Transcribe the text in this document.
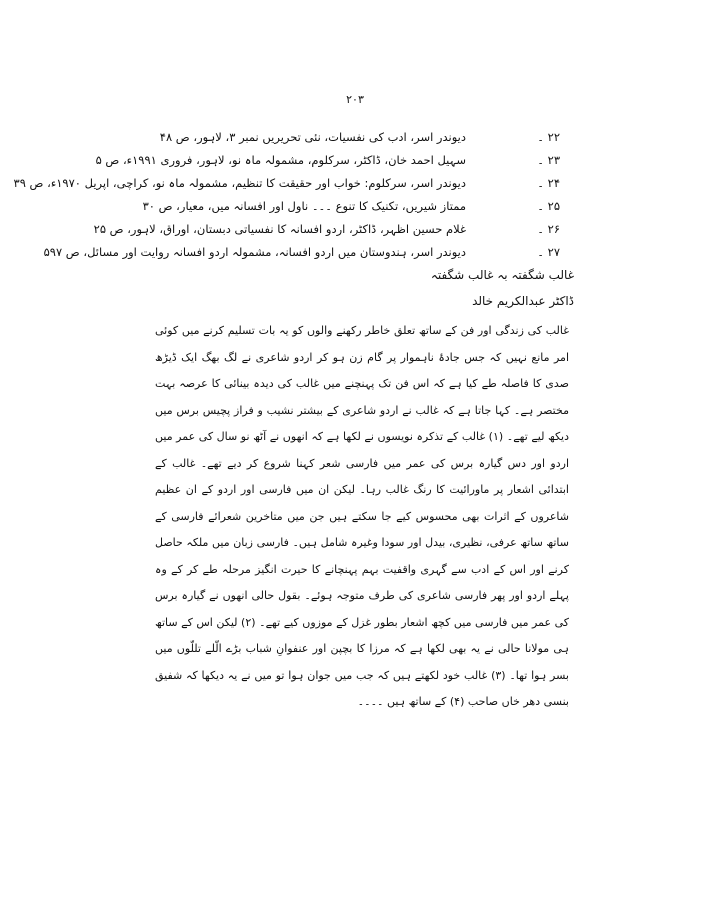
۲۰۳
۲۲ ۔
دیوندر اسر، ادب کی نفسیات، نئی تحریریں نمبر ۳، لاہور، ص ۴۸
۲۳ ۔
سہیل احمد خان، ڈاکٹر، سرکلوم، مشمولہ ماہ نو، لاہور، فروری ۱۹۹۱ء، ص ۵
۲۴ ۔
دیوندر اسر، سرکلوم: خواب اور حقیقت کا تنظیم، مشمولہ ماہ نو، کراچی، اپریل ۱۹۷۰ء، ص ۳۹
۲۵ ۔
ممتاز شیریں، تکنیک کا تنوع ۔۔۔ ناول اور افسانہ میں، معیار، ص ۳۰
۲۶ ۔
غلام حسین اظہر، ڈاکٹر، اردو افسانہ کا نفسیاتی دبستان، اوراق، لاہور، ص ۲۵
۲۷ ۔
دیوندر اسر، ہندوستان میں اردو افسانہ، مشمولہ اردو افسانہ روایت اور مسائل، ص ۵۹۷
غالب شگفتہ بہ غالب شگفتہ
ڈاکٹر عبدالکریم خالد

غالب کی زندگی اور فن کے ساتھ تعلق خاطر رکھنے والوں کو یہ بات تسلیم کرنے میں کوئی امر مانع نہیں کہ جس جادۂ ناہموار پر گام زن ہو کر اردو شاعری نے لگ بھگ ایک ڈیڑھ صدی کا فاصلہ طے کیا ہے کہ اس فن تک پہنچنے میں غالب کی دیدہ بینائی کا عرصہ بہت مختصر ہے۔ کہا جاتا ہے کہ غالب نے اردو شاعری کے بیشتر نشیب و فراز پچیس برس میں دیکھ لیے تھے۔ (۱) غالب کے تذکرہ نویسوں نے لکھا ہے کہ انھوں نے آٹھ نو سال کی عمر میں اردو اور دس گیارہ برس کی عمر میں فارسی شعر کہنا شروع کر دیے تھے۔ غالب کے ابتدائی اشعار پر ماورائیت کا رنگ غالب رہا۔ لیکن ان میں فارسی اور اردو کے ان عظیم شاعروں کے اثرات بھی محسوس کیے جا سکتے ہیں جن میں متاخرین شعرائے فارسی کے ساتھ ساتھ عرفی، نظیری، بیدل اور سودا وغیرہ شامل ہیں۔ فارسی زبان میں ملکہ حاصل کرنے اور اس کے ادب سے گہری واقفیت بہم پہنچانے کا حیرت انگیز مرحلہ طے کر کے وہ پہلے اردو اور پھر فارسی شاعری کی طرف متوجہ ہوئے۔ بقول حالی انھوں نے گیارہ برس کی عمر میں فارسی میں کچھ اشعار بطور غزل کے موزوں کیے تھے۔ (۲) لیکن اس کے ساتھ ہی مولانا حالی نے یہ بھی لکھا ہے کہ مرزا کا بچپن اور عنفوانِ شباب بڑے الّلے تللّوں میں بسر ہوا تھا۔ (۳) غالب خود لکھتے ہیں کہ جب میں جوان ہوا تو میں نے یہ دیکھا کہ شفیق بنسی دھر خاں صاحب (۴) کے ساتھ ہیں ۔۔۔۔
